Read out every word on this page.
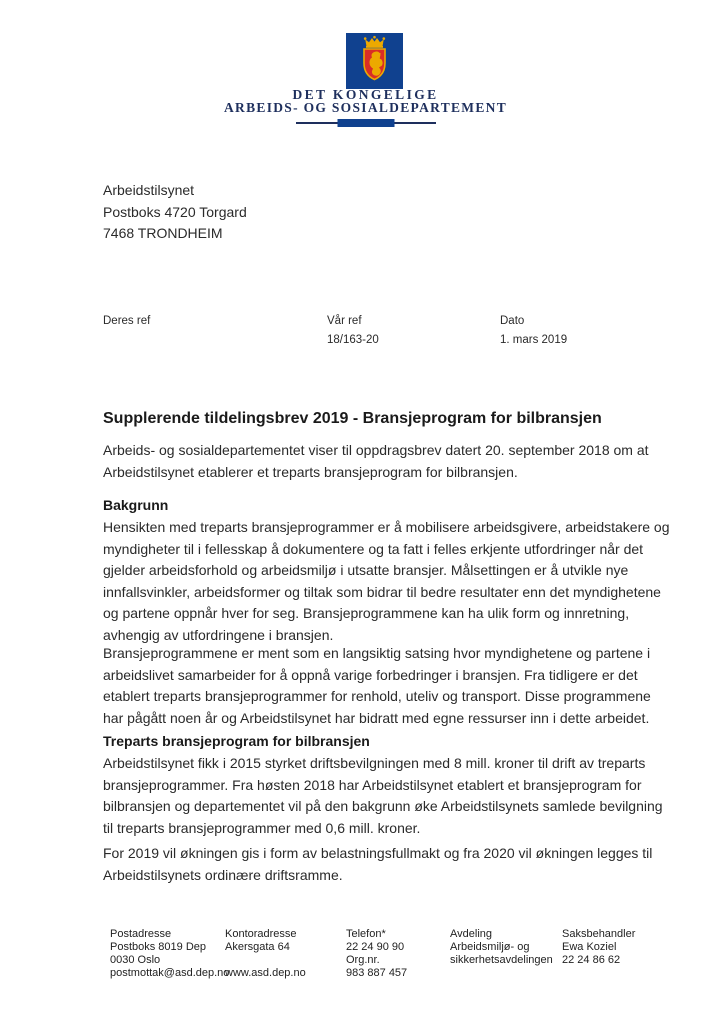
DET KONGELIGE
ARBEIDS- OG SOSIALDEPARTEMENT
Arbeidstilsynet
Postboks 4720 Torgard
7468 TRONDHEIM
Deres ref	Vår ref
18/163-20
Dato
1. mars 2019
Supplerende tildelingsbrev 2019 - Bransjeprogram for bilbransjen

Arbeids- og sosialdepartementet viser til oppdragsbrev datert 20. september 2018 om at Arbeidstilsynet etablerer et treparts bransjeprogram for bilbransjen.

Bakgrunn

Hensikten med treparts bransjeprogrammer er å mobilisere arbeidsgivere, arbeidstakere og myndigheter til i fellesskap å dokumentere og ta fatt i felles erkjente utfordringer når det gjelder arbeidsforhold og arbeidsmiljø i utsatte bransjer. Målsettingen er å utvikle nye innfallsvinkler, arbeidsformer og tiltak som bidrar til bedre resultater enn det myndighetene og partene oppnår hver for seg. Bransjeprogrammene kan ha ulik form og innretning, avhengig av utfordringene i bransjen.

Bransjeprogrammene er ment som en langsiktig satsing hvor myndighetene og partene i arbeidslivet samarbeider for å oppnå varige forbedringer i bransjen. Fra tidligere er det etablert treparts bransjeprogrammer for renhold, uteliv og transport. Disse programmene har pågått noen år og Arbeidstilsynet har bidratt med egne ressurser inn i dette arbeidet.

Treparts bransjeprogram for bilbransjen

Arbeidstilsynet fikk i 2015 styrket driftsbevilgningen med 8 mill. kroner til drift av treparts bransjeprogrammer. Fra høsten 2018 har Arbeidstilsynet etablert et bransjeprogram for bilbransjen og departementet vil på den bakgrunn øke Arbeidstilsynets samlede bevilgning til treparts bransjeprogrammer med 0,6 mill. kroner.

For 2019 vil økningen gis i form av belastningsfullmakt og fra 2020 vil økningen legges til Arbeidstilsynets ordinære driftsramme.

Postadresse
Postboks 8019 Dep
0030 Oslo
postmottak@asd.dep.no
Kontoradresse
Akersgata 64
www.asd.dep.no
Telefon*
22 24 90 90
Org.nr.
983 887 457
Avdeling
Arbeidsmiljø- og
sikkerhetsavdelingen
Saksbehandler
Ewa Koziel
22 24 86 62
